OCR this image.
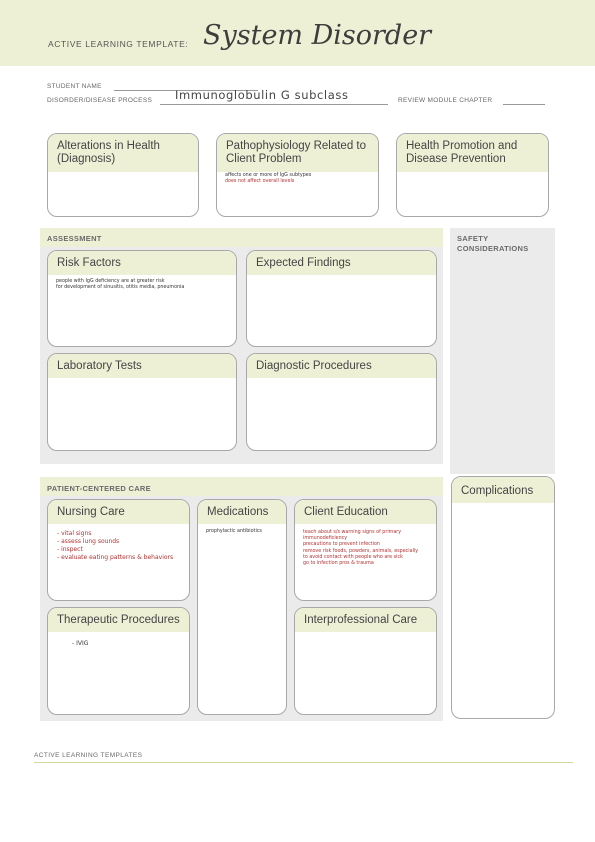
ACTIVE LEARNING TEMPLATE: System Disorder
STUDENT NAME
DISORDER/DISEASE PROCESS Immunoglobulin G subclass	REVIEW MODULE CHAPTER
Alterations in Health (Diagnosis)
Pathophysiology Related to Client Problem
affects one or more of IgG subtypes
does not affect overall levels
Health Promotion and Disease Prevention
ASSESSMENT
Risk Factors
people with IgG deficiency are at greater risk
for development of sinusitis, otitis media, pneumonia
Expected Findings
Laboratory Tests	Diagnostic Procedures
SAFETY CONSIDERATIONS
Complications
PATIENT-CENTERED CARE
Nursing Care
- vital signs
- assess lung sounds
- inspect
- evaluate eating patterns & behaviors
Medications
prophylactic antibiotics
Client Education
teach about s/s warning signs of primary
immunodeficiency
precautions to prevent infection
remove risk foods, powders, animals, especially
to avoid contact with people who are sick
go to infection pros & trauma
Therapeutic Procedures
- IVIG
Interprofessional Care
ACTIVE LEARNING TEMPLATES
